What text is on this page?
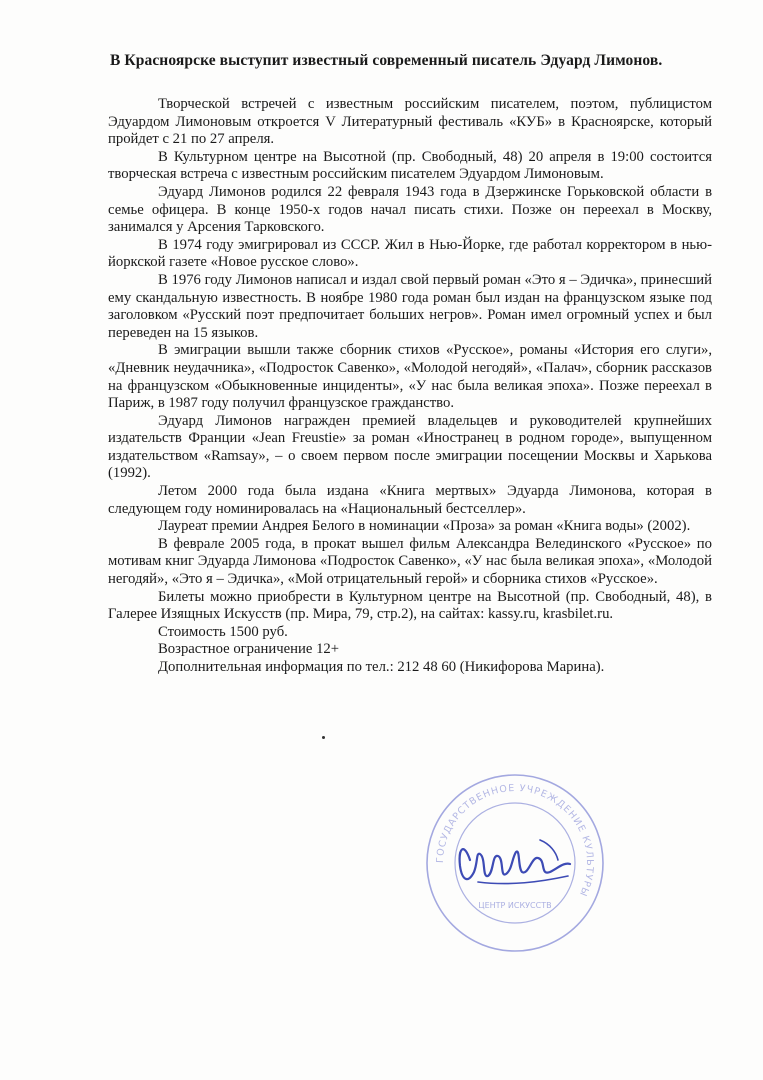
В Красноярске выступит известный современный писатель Эдуард Лимонов.

Творческой встречей с известным российским писателем, поэтом, публицистом Эдуардом Лимоновым откроется V Литературный фестиваль «КУБ» в Красноярске, который пройдет с 21 по 27 апреля.

В Культурном центре на Высотной (пр. Свободный, 48) 20 апреля в 19:00 состоится творческая встреча с известным российским писателем Эдуардом Лимоновым.

Эдуард Лимонов родился 22 февраля 1943 года в Дзержинске Горьковской области в семье офицера. В конце 1950-х годов начал писать стихи. Позже он переехал в Москву, занимался у Арсения Тарковского.

В 1974 году эмигрировал из СССР. Жил в Нью-Йорке, где работал корректором в нью-йоркской газете «Новое русское слово».

В 1976 году Лимонов написал и издал свой первый роман «Это я – Эдичка», принесший ему скандальную известность. В ноябре 1980 года роман был издан на французском языке под заголовком «Русский поэт предпочитает больших негров». Роман имел огромный успех и был переведен на 15 языков.

В эмиграции вышли также сборник стихов «Русское», романы «История его слуги», «Дневник неудачника», «Подросток Савенко», «Молодой негодяй», «Палач», сборник рассказов на французском «Обыкновенные инциденты», «У нас была великая эпоха». Позже переехал в Париж, в 1987 году получил французское гражданство.

Эдуард Лимонов награжден премией владельцев и руководителей крупнейших издательств Франции «Jean Freustie» за роман «Иностранец в родном городе», выпущенном издательством «Ramsay», – о своем первом после эмиграции посещении Москвы и Харькова (1992).

Летом 2000 года была издана «Книга мертвых» Эдуарда Лимонова, которая в следующем году номинировалась на «Национальный бестселлер».

Лауреат премии Андрея Белого в номинации «Проза» за роман «Книга воды» (2002).

В феврале 2005 года, в прокат вышел фильм Александра Велединского «Русское» по мотивам книг Эдуарда Лимонова «Подросток Савенко», «У нас была великая эпоха», «Молодой негодяй», «Это я – Эдичка», «Мой отрицательный герой» и сборника стихов «Русское».

Билеты можно приобрести в Культурном центре на Высотной (пр. Свободный, 48), в Галерее Изящных Искусств (пр. Мира, 79, стр.2), на сайтах: kassy.ru, krasbilet.ru.

Стоимость 1500 руб.

Возрастное ограничение 12+

Дополнительная информация по тел.: 212 48 60 (Никифорова Марина).

ГОСУДАРСТВЕННОЕ УЧРЕЖДЕНИЕ КУЛЬТУРЫ
ЦЕНТР ИСКУССТВ
